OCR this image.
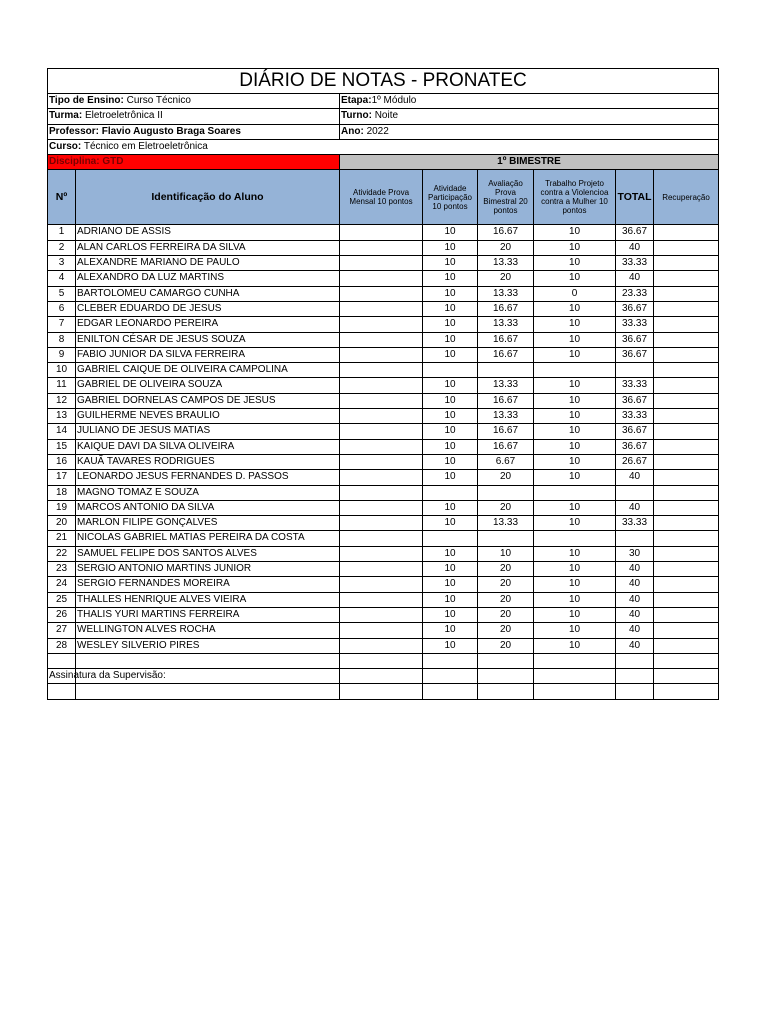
DIÁRIO DE NOTAS - PRONATEC							
Tipo de Ensino: Curso Técnico		Etapa:1º Módulo					
Turma: Eletroeletrônica II		Turno: Noite					
Professor: Flavio Augusto Braga Soares		Ano: 2022					
Curso: Técnico em Eletroeletrônica							
Disciplina: GTD		1º BIMESTRE					
Nº	Identificação do Aluno	Atividade Prova Mensal 10 pontos	Atividade Participação 10 pontos	Avaliação Prova Bimestral 20 pontos	Trabalho Projeto contra a Violencioa contra a Mulher 10 pontos	TOTAL	Recuperação
1	ADRIANO DE ASSIS		10	16.67	10	36.67	
2	ALAN CARLOS FERREIRA DA SILVA		10	20	10	40	
3	ALEXANDRE MARIANO DE PAULO		10	13.33	10	33.33	
4	ALEXANDRO DA LUZ MARTINS		10	20	10	40	
5	BARTOLOMEU CAMARGO CUNHA		10	13.33	0	23.33	
6	CLEBER EDUARDO DE JESUS		10	16.67	10	36.67	
7	EDGAR LEONARDO PEREIRA		10	13.33	10	33.33	
8	ENILTON CÉSAR DE JESUS SOUZA		10	16.67	10	36.67	
9	FABIO JUNIOR DA SILVA FERREIRA		10	16.67	10	36.67	
10	GABRIEL CAIQUE DE OLIVEIRA CAMPOLINA						
11	GABRIEL DE OLIVEIRA SOUZA		10	13.33	10	33.33	
12	GABRIEL DORNELAS CAMPOS DE JESUS		10	16.67	10	36.67	
13	GUILHERME NEVES BRAULIO		10	13.33	10	33.33	
14	JULIANO DE JESUS MATIAS		10	16.67	10	36.67	
15	KAIQUE DAVI DA SILVA OLIVEIRA		10	16.67	10	36.67	
16	KAUÃ TAVARES RODRIGUES		10	6.67	10	26.67	
17	LEONARDO JESUS FERNANDES D. PASSOS		10	20	10	40	
18	MAGNO TOMAZ E SOUZA						
19	MARCOS ANTONIO DA SILVA		10	20	10	40	
20	MARLON FILIPE GONÇALVES		10	13.33	10	33.33	
21	NICOLAS GABRIEL MATIAS PEREIRA DA COSTA						
22	SAMUEL FELIPE DOS SANTOS ALVES		10	10	10	30	
23	SERGIO ANTONIO MARTINS JUNIOR		10	20	10	40	
24	SERGIO FERNANDES MOREIRA		10	20	10	40	
25	THALLES HENRIQUE ALVES VIEIRA		10	20	10	40	
26	THALIS YURI MARTINS FERREIRA		10	20	10	40	
27	WELLINGTON ALVES ROCHA		10	20	10	40	
28	WESLEY SILVERIO PIRES		10	20	10	40	

Assinatura da Supervisão:							
